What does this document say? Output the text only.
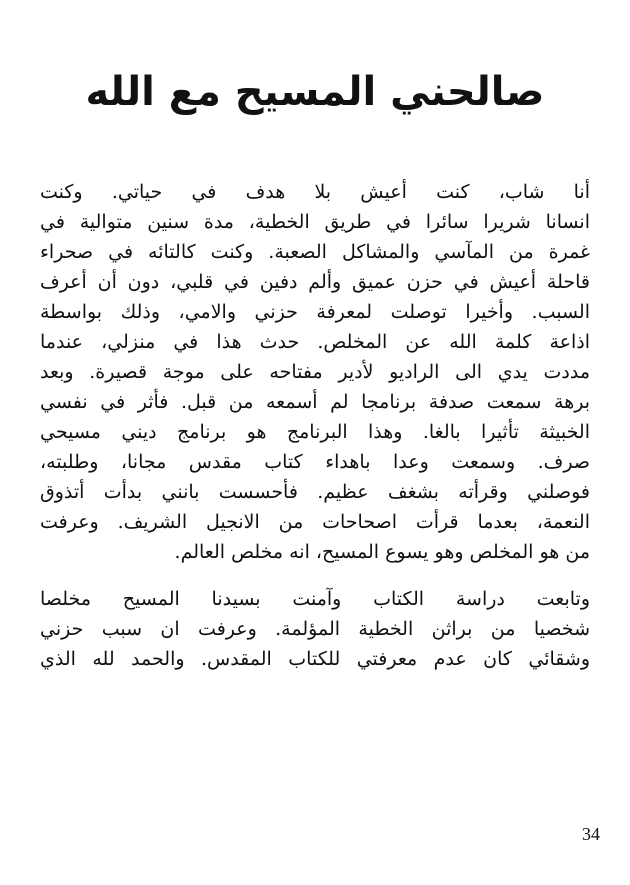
صالحني المسيح مع الله
أنا شاب، كنت أعيش بلا هدف في حياتي. وكنت
انسانا شريرا سائرا في طريق الخطية، مدة سنين متوالية في
غمرة من المآسي والمشاكل الصعبة. وكنت كالتائه في صحراء
قاحلة أعيش في حزن عميق وألم دفين في قلبي، دون أن أعرف
السبب. وأخيرا توصلت لمعرفة حزني والامي، وذلك بواسطة
اذاعة كلمة الله عن المخلص. حدث هذا في منزلي، عندما
مددت يدي الى الراديو لأدير مفتاحه على موجة قصيرة. وبعد
برهة سمعت صدفة برنامجا لم أسمعه من قبل. فأثر في نفسي
الخبيثة تأثيرا بالغا. وهذا البرنامج هو برنامج ديني مسيحي
صرف. وسمعت وعدا باهداء كتاب مقدس مجانا، وطلبته،
فوصلني وقرأته بشغف عظيم. فأحسست بانني بدأت أتذوق
النعمة، بعدما قرأت اصحاحات من الانجيل الشريف. وعرفت
من هو المخلص وهو يسوع المسيح، انه مخلص العالم.
وتابعت دراسة الكتاب وآمنت بسيدنا المسيح مخلصا
شخصيا من براثن الخطية المؤلمة. وعرفت ان سبب حزني
وشقائي كان عدم معرفتي للكتاب المقدس. والحمد لله الذي
34
